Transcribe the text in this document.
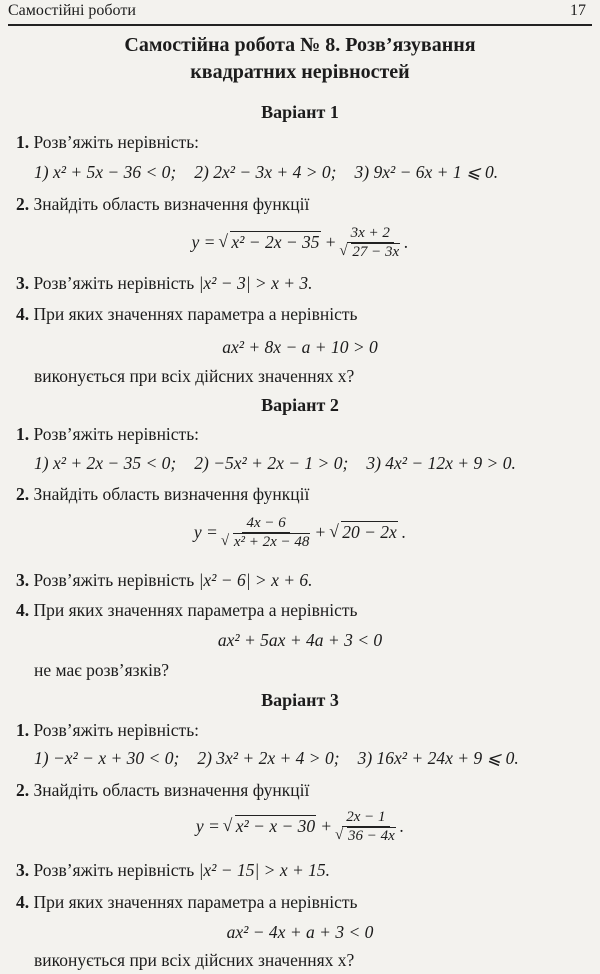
Самостійні роботи	17
Самостійна робота № 8. Розв’язування
квадратних нерівностей
Варіант 1
1. Розв’яжіть нерівність:
1) x² + 5x − 36 < 0; 2) 2x² − 3x + 4 > 0; 3) 9x² − 6x + 1 ⩽ 0.
2. Знайдіть область визначення функції
y = √ x² − 2x − 35 + 3x + 2
√ 27 − 3x .
3. Розв’яжіть нерівність |x² − 3| > x + 3.
4. При яких значеннях параметра a нерівність
ax² + 8x − a + 10 > 0
виконується при всіх дійсних значеннях x?
Варіант 2
1. Розв’яжіть нерівність:
1) x² + 2x − 35 < 0; 2) −5x² + 2x − 1 > 0; 3) 4x² − 12x + 9 > 0.
2. Знайдіть область визначення функції
y = 4x − 6
√ x² + 2x − 48 + √ 20 − 2x .
3. Розв’яжіть нерівність |x² − 6| > x + 6.
4. При яких значеннях параметра a нерівність
ax² + 5ax + 4a + 3 < 0
не має розв’язків?
Варіант 3
1. Розв’яжіть нерівність:
1) −x² − x + 30 < 0; 2) 3x² + 2x + 4 > 0; 3) 16x² + 24x + 9 ⩽ 0.
2. Знайдіть область визначення функції
y = √ x² − x − 30 + 2x − 1
√ 36 − 4x .
3. Розв’яжіть нерівність |x² − 15| > x + 15.
4. При яких значеннях параметра a нерівність
ax² − 4x + a + 3 < 0
виконується при всіх дійсних значеннях x?
